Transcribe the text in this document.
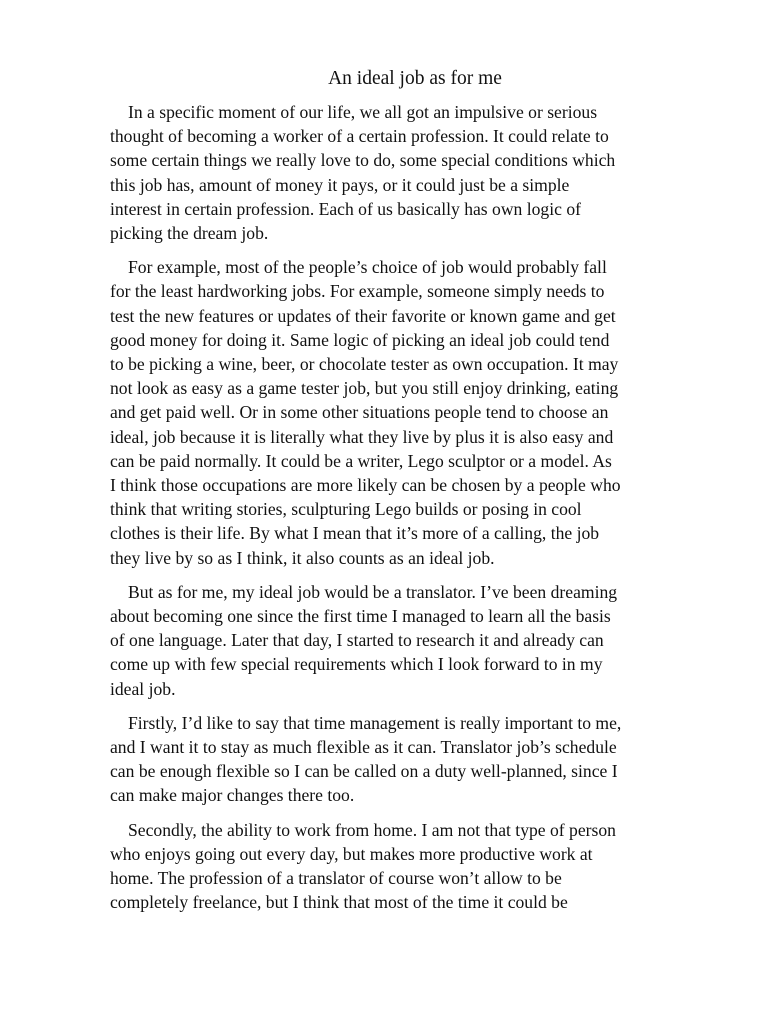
An ideal job as for me
In a specific moment of our life, we all got an impulsive or serious
thought of becoming a worker of a certain profession. It could relate to
some certain things we really love to do, some special conditions which
this job has, amount of money it pays, or it could just be a simple
interest in certain profession. Each of us basically has own logic of
picking the dream job.
For example, most of the people’s choice of job would probably fall
for the least hardworking jobs. For example, someone simply needs to
test the new features or updates of their favorite or known game and get
good money for doing it. Same logic of picking an ideal job could tend
to be picking a wine, beer, or chocolate tester as own occupation. It may
not look as easy as a game tester job, but you still enjoy drinking, eating
and get paid well. Or in some other situations people tend to choose an
ideal, job because it is literally what they live by plus it is also easy and
can be paid normally. It could be a writer, Lego sculptor or a model. As
I think those occupations are more likely can be chosen by a people who
think that writing stories, sculpturing Lego builds or posing in cool
clothes is their life. By what I mean that it’s more of a calling, the job
they live by so as I think, it also counts as an ideal job.
But as for me, my ideal job would be a translator. I’ve been dreaming
about becoming one since the first time I managed to learn all the basis
of one language. Later that day, I started to research it and already can
come up with few special requirements which I look forward to in my
ideal job.
Firstly, I’d like to say that time management is really important to me,
and I want it to stay as much flexible as it can. Translator job’s schedule
can be enough flexible so I can be called on a duty well-planned, since I
can make major changes there too.
Secondly, the ability to work from home. I am not that type of person
who enjoys going out every day, but makes more productive work at
home. The profession of a translator of course won’t allow to be
completely freelance, but I think that most of the time it could be
